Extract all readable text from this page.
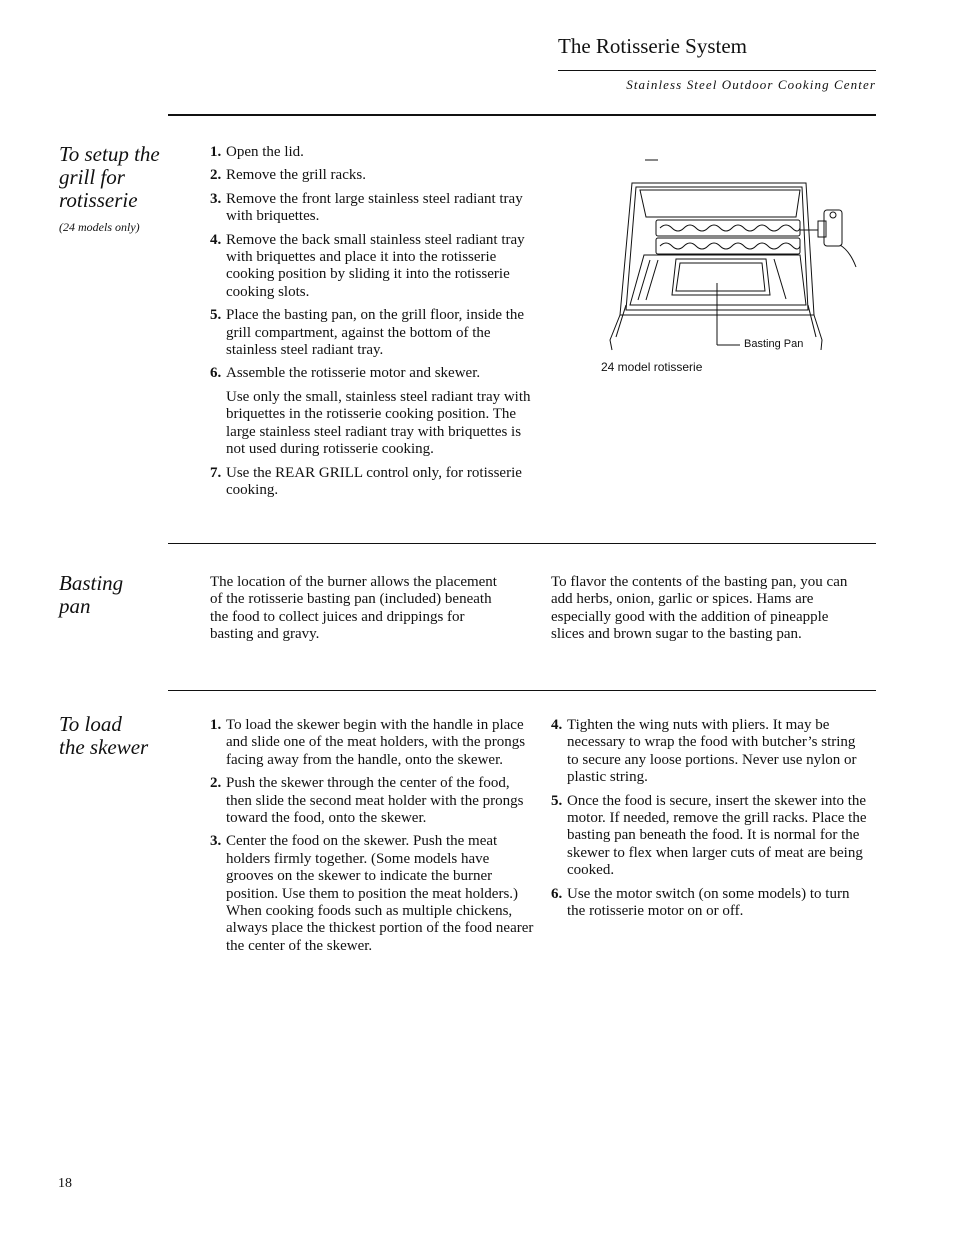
The Rotisserie System
Stainless Steel Outdoor Cooking Center
To setup the
grill for
rotisserie
(24 models only)
1. Open the lid.
2. Remove the grill racks.
3. Remove the front large stainless steel radiant tray with briquettes.
4. Remove the back small stainless steel radiant tray with briquettes and place it into the rotisserie cooking position by sliding it into the rotisserie cooking slots.
5. Place the basting pan, on the grill floor, inside the grill compartment, against the bottom of the stainless steel radiant tray.
6. Assemble the rotisserie motor and skewer.

Use only the small, stainless steel radiant tray with briquettes in the rotisserie cooking position. The large stainless steel radiant tray with briquettes is not used during rotisserie cooking.

7. Use the REAR GRILL control only, for rotisserie cooking.
Basting Pan
24 model rotisserie
Basting
pan

The location of the burner allows the placement of the rotisserie basting pan (included) beneath the food to collect juices and drippings for basting and gravy.

To flavor the contents of the basting pan, you can add herbs, onion, garlic or spices. Hams are especially good with the addition of pineapple slices and brown sugar to the basting pan.

To load
the skewer
1. To load the skewer begin with the handle in place and slide one of the meat holders, with the prongs facing away from the handle, onto the skewer.
2. Push the skewer through the center of the food, then slide the second meat holder with the prongs toward the food, onto the skewer.
3. Center the food on the skewer. Push the meat holders firmly together. (Some models have grooves on the skewer to indicate the burner position. Use them to position the meat holders.) When cooking foods such as multiple chickens, always place the thickest portion of the food nearer the center of the skewer.
4. Tighten the wing nuts with pliers. It may be necessary to wrap the food with butcher’s string to secure any loose portions. Never use nylon or plastic string.
5. Once the food is secure, insert the skewer into the motor. If needed, remove the grill racks. Place the basting pan beneath the food. It is normal for the skewer to flex when larger cuts of meat are being cooked.
6. Use the motor switch (on some models) to turn the rotisserie motor on or off.
18
